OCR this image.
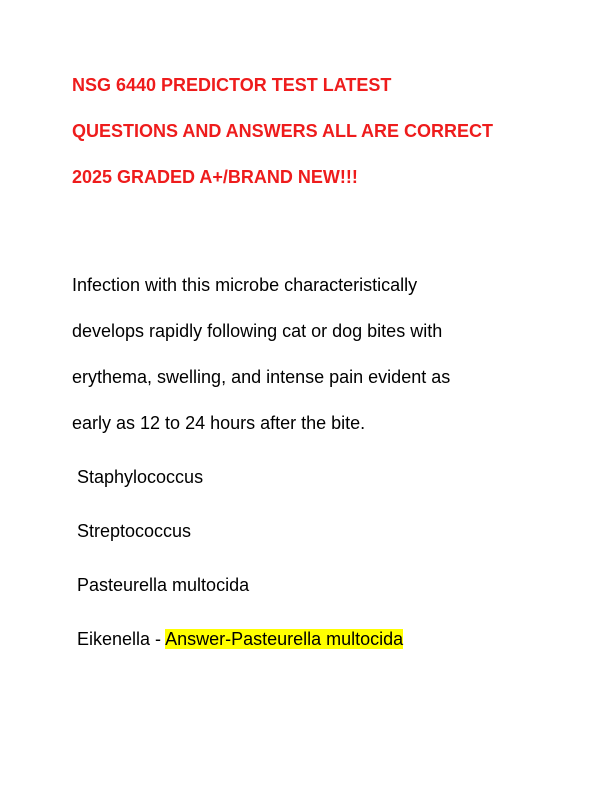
NSG 6440 PREDICTOR TEST LATEST
QUESTIONS AND ANSWERS ALL ARE CORRECT
2025 GRADED A+/BRAND NEW!!!
Infection with this microbe characteristically
develops rapidly following cat or dog bites with
erythema, swelling, and intense pain evident as
early as 12 to 24 hours after the bite.
Staphylococcus
Streptococcus
Pasteurella multocida
Eikenella - Answer-Pasteurella multocida
